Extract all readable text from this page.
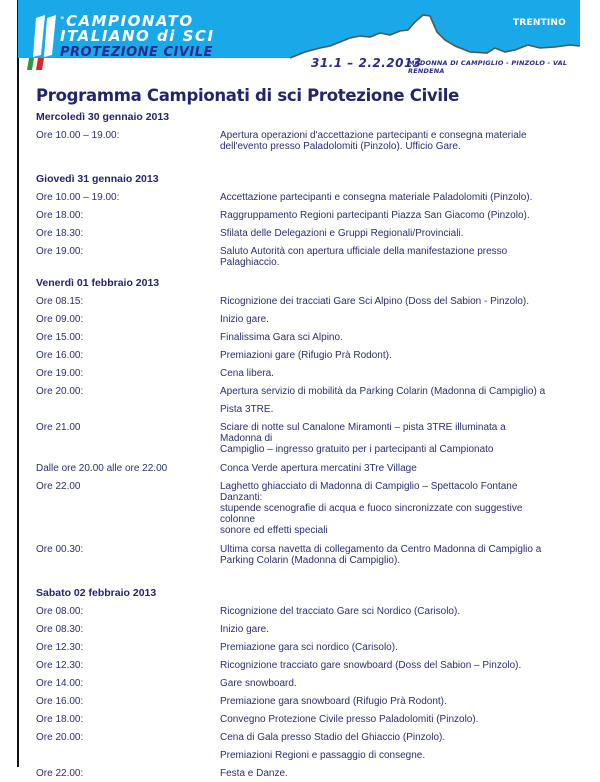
°CAMPIONATO
ITALIANO di SCI
PROTEZIONE CIVILE
TRENTINO
31.1 – 2.2.2013
MADONNA DI CAMPIGLIO - PINZOLO - VAL RENDENA
Programma Campionati di sci Protezione Civile
Mercoledì 30 gennaio 2013
Ore 10.00 – 19.00:	Apertura operazioni d'accettazione partecipanti e consegna materiale
dell'evento presso Paladolomiti (Pinzolo). Ufficio Gare.
Giovedì 31 gennaio 2013
Ore 10.00 – 19.00:	Accettazione partecipanti e consegna materiale Paladolomiti (Pinzolo).
Ore 18.00:	Raggruppamento Regioni partecipanti Piazza San Giacomo (Pinzolo).
Ore 18.30:	Sfilata delle Delegazioni e Gruppi Regionali/Provinciali.
Ore 19.00:	Saluto Autorità con apertura ufficiale della manifestazione presso Palaghiaccio.
Venerdì 01 febbraio 2013
Ore 08.15:	Ricognizione dei tracciati Gare Sci Alpino (Doss del Sabion - Pinzolo).
Ore 09.00:	Inizio gare.
Ore 15.00:	Finalissima Gara sci Alpino.
Ore 16.00:	Premiazioni gare (Rifugio Prà Rodont).
Ore 19.00:	Cena libera.
Ore 20.00:	Apertura servizio di mobilità da Parking Colarin (Madonna di Campiglio) a
Pista 3TRE.
Ore 21.00	Sciare di notte sul Canalone Miramonti – pista 3TRE illuminata a Madonna di
Campiglio – ingresso gratuito per i partecipanti al Campionato
Dalle ore 20.00 alle ore 22.00	Conca Verde apertura mercatini 3Tre Village
Ore 22.00	Laghetto ghiacciato di Madonna di Campiglio – Spettacolo Fontane Danzanti:
stupende scenografie di acqua e fuoco sincronizzate con suggestive colonne
sonore ed effetti speciali
Ore 00.30:	Ultima corsa navetta di collegamento da Centro Madonna di Campiglio a
Parking Colarin (Madonna di Campiglio).
Sabato 02 febbraio 2013
Ore 08.00:	Ricognizione del tracciato Gare sci Nordico (Carisolo).
Ore 08.30:	Inizio gare.
Ore 12.30:	Premiazione gara sci nordico (Carisolo).
Ore 12.30:	Ricognizione tracciato gare snowboard (Doss del Sabion – Pinzolo).
Ore 14.00:	Gare snowboard.
Ore 16.00:	Premiazione gara snowboard (Rifugio Prà Rodont).
Ore 18.00:	Convegno Protezione Civile presso Paladolomiti (Pinzolo).
Ore 20.00:	Cena di Gala presso Stadio del Ghiaccio (Pinzolo).
Premiazioni Regioni e passaggio di consegne.
Ore 22.00:	Festa e Danze.
